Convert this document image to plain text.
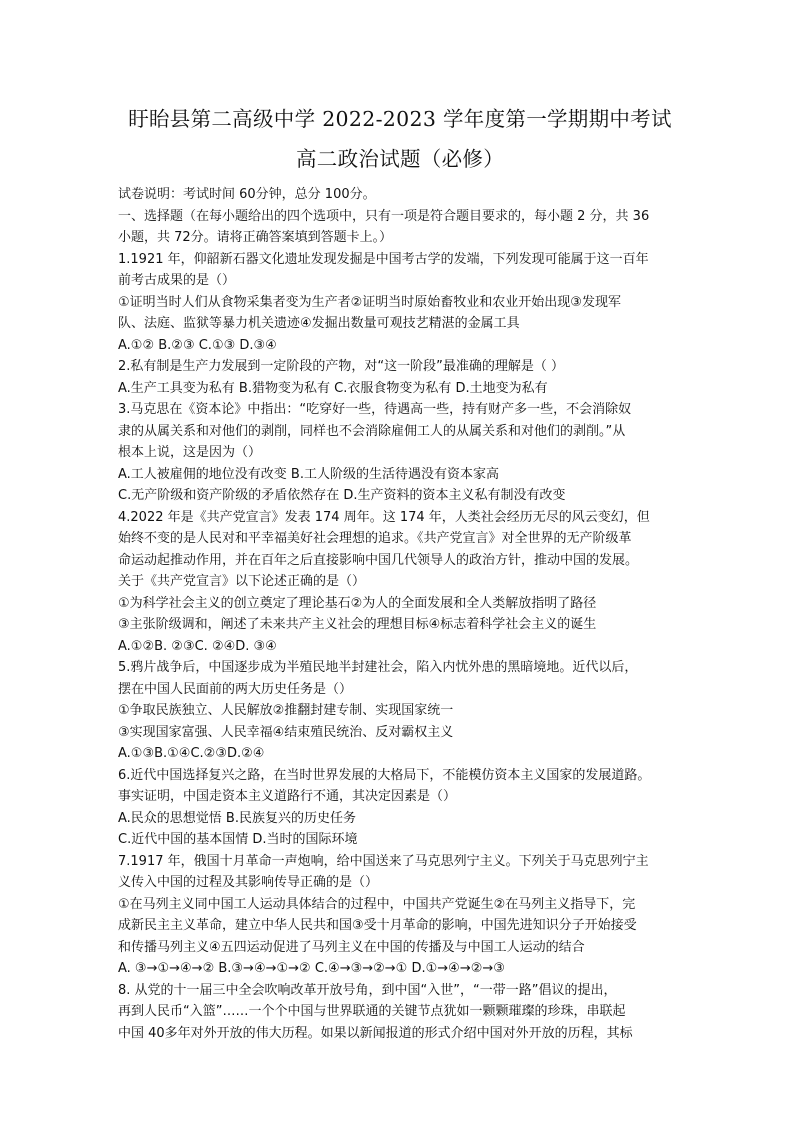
盱眙县第二高级中学 2022-2023 学年度第一学期期中考试
高二政治试题（必修）
试卷说明：考试时间 60分钟，总分 100分。
一、选择题（在每小题给出的四个选项中，只有一项是符合题目要求的，每小题 2 分，共 36
小题，共 72分。请将正确答案填到答题卡上。）
1.1921 年，仰韶新石器文化遗址发现发掘是中国考古学的发端，下列发现可能属于这一百年
前考古成果的是（）
①证明当时人们从食物采集者变为生产者②证明当时原始畜牧业和农业开始出现③发现军
队、法庭、监狱等暴力机关遗迹④发掘出数量可观技艺精湛的金属工具
A.①② B.②③ C.①③ D.③④
2.私有制是生产力发展到一定阶段的产物，对“这一阶段”最准确的理解是（ ）
A.生产工具变为私有 B.猎物变为私有 C.衣服食物变为私有 D.土地变为私有
3.马克思在《资本论》中指出：“吃穿好一些，待遇高一些，持有财产多一些，不会消除奴
隶的从属关系和对他们的剥削，同样也不会消除雇佣工人的从属关系和对他们的剥削。”从
根本上说，这是因为（）
A.工人被雇佣的地位没有改变 B.工人阶级的生活待遇没有资本家高
C.无产阶级和资产阶级的矛盾依然存在 D.生产资料的资本主义私有制没有改变
4.2022 年是《共产党宣言》发表 174 周年。这 174 年，人类社会经历无尽的风云变幻，但
始终不变的是人民对和平幸福美好社会理想的追求。《共产党宣言》对全世界的无产阶级革
命运动起推动作用，并在百年之后直接影响中国几代领导人的政治方针，推动中国的发展。
关于《共产党宣言》以下论述正确的是（）
①为科学社会主义的创立奠定了理论基石②为人的全面发展和全人类解放指明了路径
③主张阶级调和，阐述了未来共产主义社会的理想目标④标志着科学社会主义的诞生
A.①②B. ②③C. ②④D. ③④
5.鸦片战争后，中国逐步成为半殖民地半封建社会，陷入内忧外患的黑暗境地。近代以后，
摆在中国人民面前的两大历史任务是（）
①争取民族独立、人民解放②推翻封建专制、实现国家统一
③实现国家富强、人民幸福④结束殖民统治、反对霸权主义
A.①③B.①④C.②③D.②④
6.近代中国选择复兴之路，在当时世界发展的大格局下，不能模仿资本主义国家的发展道路。
事实证明，中国走资本主义道路行不通，其决定因素是（）
A.民众的思想觉悟 B.民族复兴的历史任务
C.近代中国的基本国情 D.当时的国际环境
7.1917 年，俄国十月革命一声炮响，给中国送来了马克思列宁主义。下列关于马克思列宁主
义传入中国的过程及其影响传导正确的是（）
①在马列主义同中国工人运动具体结合的过程中，中国共产党诞生②在马列主义指导下，完
成新民主主义革命，建立中华人民共和国③受十月革命的影响，中国先进知识分子开始接受
和传播马列主义④五四运动促进了马列主义在中国的传播及与中国工人运动的结合
A. ③→①→④→② B.③→④→①→② C.④→③→②→① D.①→④→②→③
8. 从党的十一届三中全会吹响改革开放号角，到中国“入世”，“一带一路”倡议的提出，
再到人民币“入篮”……一个个中国与世界联通的关键节点犹如一颗颗璀璨的珍珠，串联起
中国 40多年对外开放的伟大历程。如果以新闻报道的形式介绍中国对外开放的历程，其标
